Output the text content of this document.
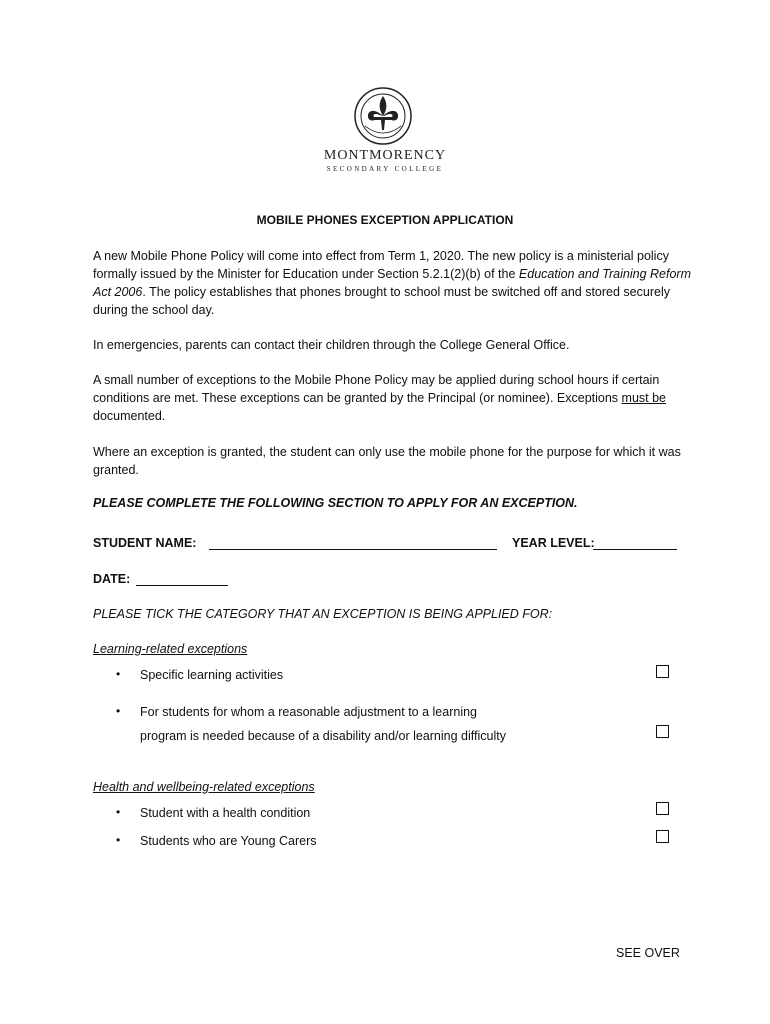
MONTMORENCY
SECONDARY COLLEGE
MOBILE PHONES EXCEPTION APPLICATION

A new Mobile Phone Policy will come into effect from Term 1, 2020. The new policy is a ministerial policy formally issued by the Minister for Education under Section 5.2.1(2)(b) of the Education and Training Reform Act 2006. The policy establishes that phones brought to school must be switched off and stored securely during the school day.

In emergencies, parents can contact their children through the College General Office.

A small number of exceptions to the Mobile Phone Policy may be applied during school hours if certain conditions are met. These exceptions can be granted by the Principal (or nominee). Exceptions must be documented.

Where an exception is granted, the student can only use the mobile phone for the purpose for which it was granted.
PLEASE COMPLETE THE FOLLOWING SECTION TO APPLY FOR AN EXCEPTION.
STUDENT NAME:	YEAR LEVEL:
DATE:
PLEASE TICK THE CATEGORY THAT AN EXCEPTION IS BEING APPLIED FOR:
Learning-related exceptions
• Specific learning activities
• For students for whom a reasonable adjustment to a learning
program is needed because of a disability and/or learning difficulty
Health and wellbeing-related exceptions
• Student with a health condition
• Students who are Young Carers
SEE OVER
